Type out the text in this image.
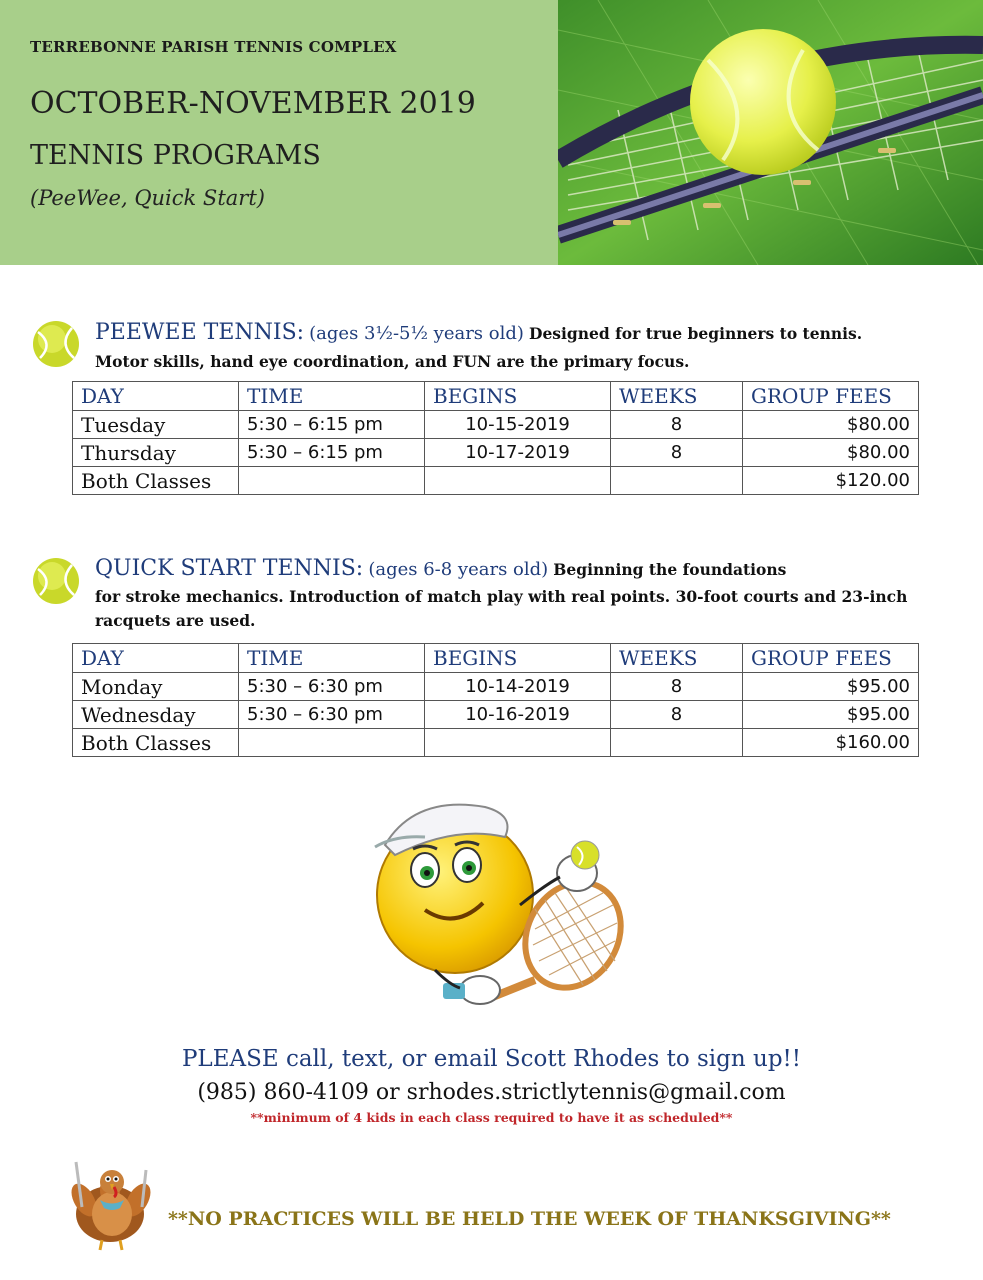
TERREBONNE PARISH TENNIS COMPLEX
OCTOBER-NOVEMBER 2019
TENNIS PROGRAMS
(PeeWee, Quick Start)
PEEWEE TENNIS: (ages 3½-5½ years old) Designed for true beginners to tennis.
Motor skills, hand eye coordination, and FUN are the primary focus.
DAY	TIME	BEGINS	WEEKS	GROUP FEES
Tuesday	5:30 – 6:15 pm	10-15-2019	8	$80.00
Thursday	5:30 – 6:15 pm	10-17-2019	8	$80.00
Both Classes				$120.00
QUICK START TENNIS: (ages 6-8 years old) Beginning the foundations
for stroke mechanics. Introduction of match play with real points. 30-foot courts and 23-inch
racquets are used.
DAY	TIME	BEGINS	WEEKS	GROUP FEES
Monday	5:30 – 6:30 pm	10-14-2019	8	$95.00
Wednesday	5:30 – 6:30 pm	10-16-2019	8	$95.00
Both Classes				$160.00
PLEASE call, text, or email Scott Rhodes to sign up!!
(985) 860-4109 or srhodes.strictlytennis@gmail.com
**minimum of 4 kids in each class required to have it as scheduled**
**NO PRACTICES WILL BE HELD THE WEEK OF THANKSGIVING**
